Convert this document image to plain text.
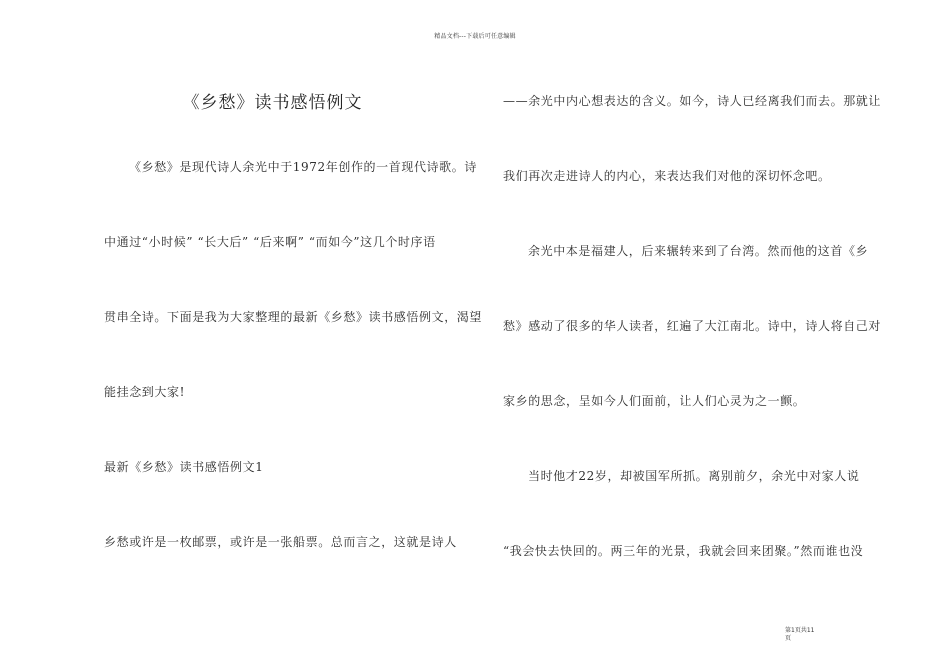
精品文档---下载后可任意编辑
《乡愁》读书感悟例文
《乡愁》是现代诗人余光中于1972年创作的一首现代诗歌。诗
中通过“小时候” “长大后” “后来啊” “而如今”这几个时序语
贯串全诗。下面是我为大家整理的最新《乡愁》读书感悟例文，渴望
能挂念到大家!
最新《乡愁》读书感悟例文1
乡愁或许是一枚邮票，或许是一张船票。总而言之，这就是诗人
——余光中内心想表达的含义。如今，诗人已经离我们而去。那就让
我们再次走进诗人的内心，来表达我们对他的深切怀念吧。
余光中本是福建人，后来辗转来到了台湾。然而他的这首《乡
愁》感动了很多的华人读者，红遍了大江南北。诗中，诗人将自己对
家乡的思念，呈如今人们面前，让人们心灵为之一颤。
当时他才22岁，却被国军所抓。离别前夕，余光中对家人说
“我会快去快回的。两三年的光景，我就会回来团聚。”然而谁也没
第1页共11
页
